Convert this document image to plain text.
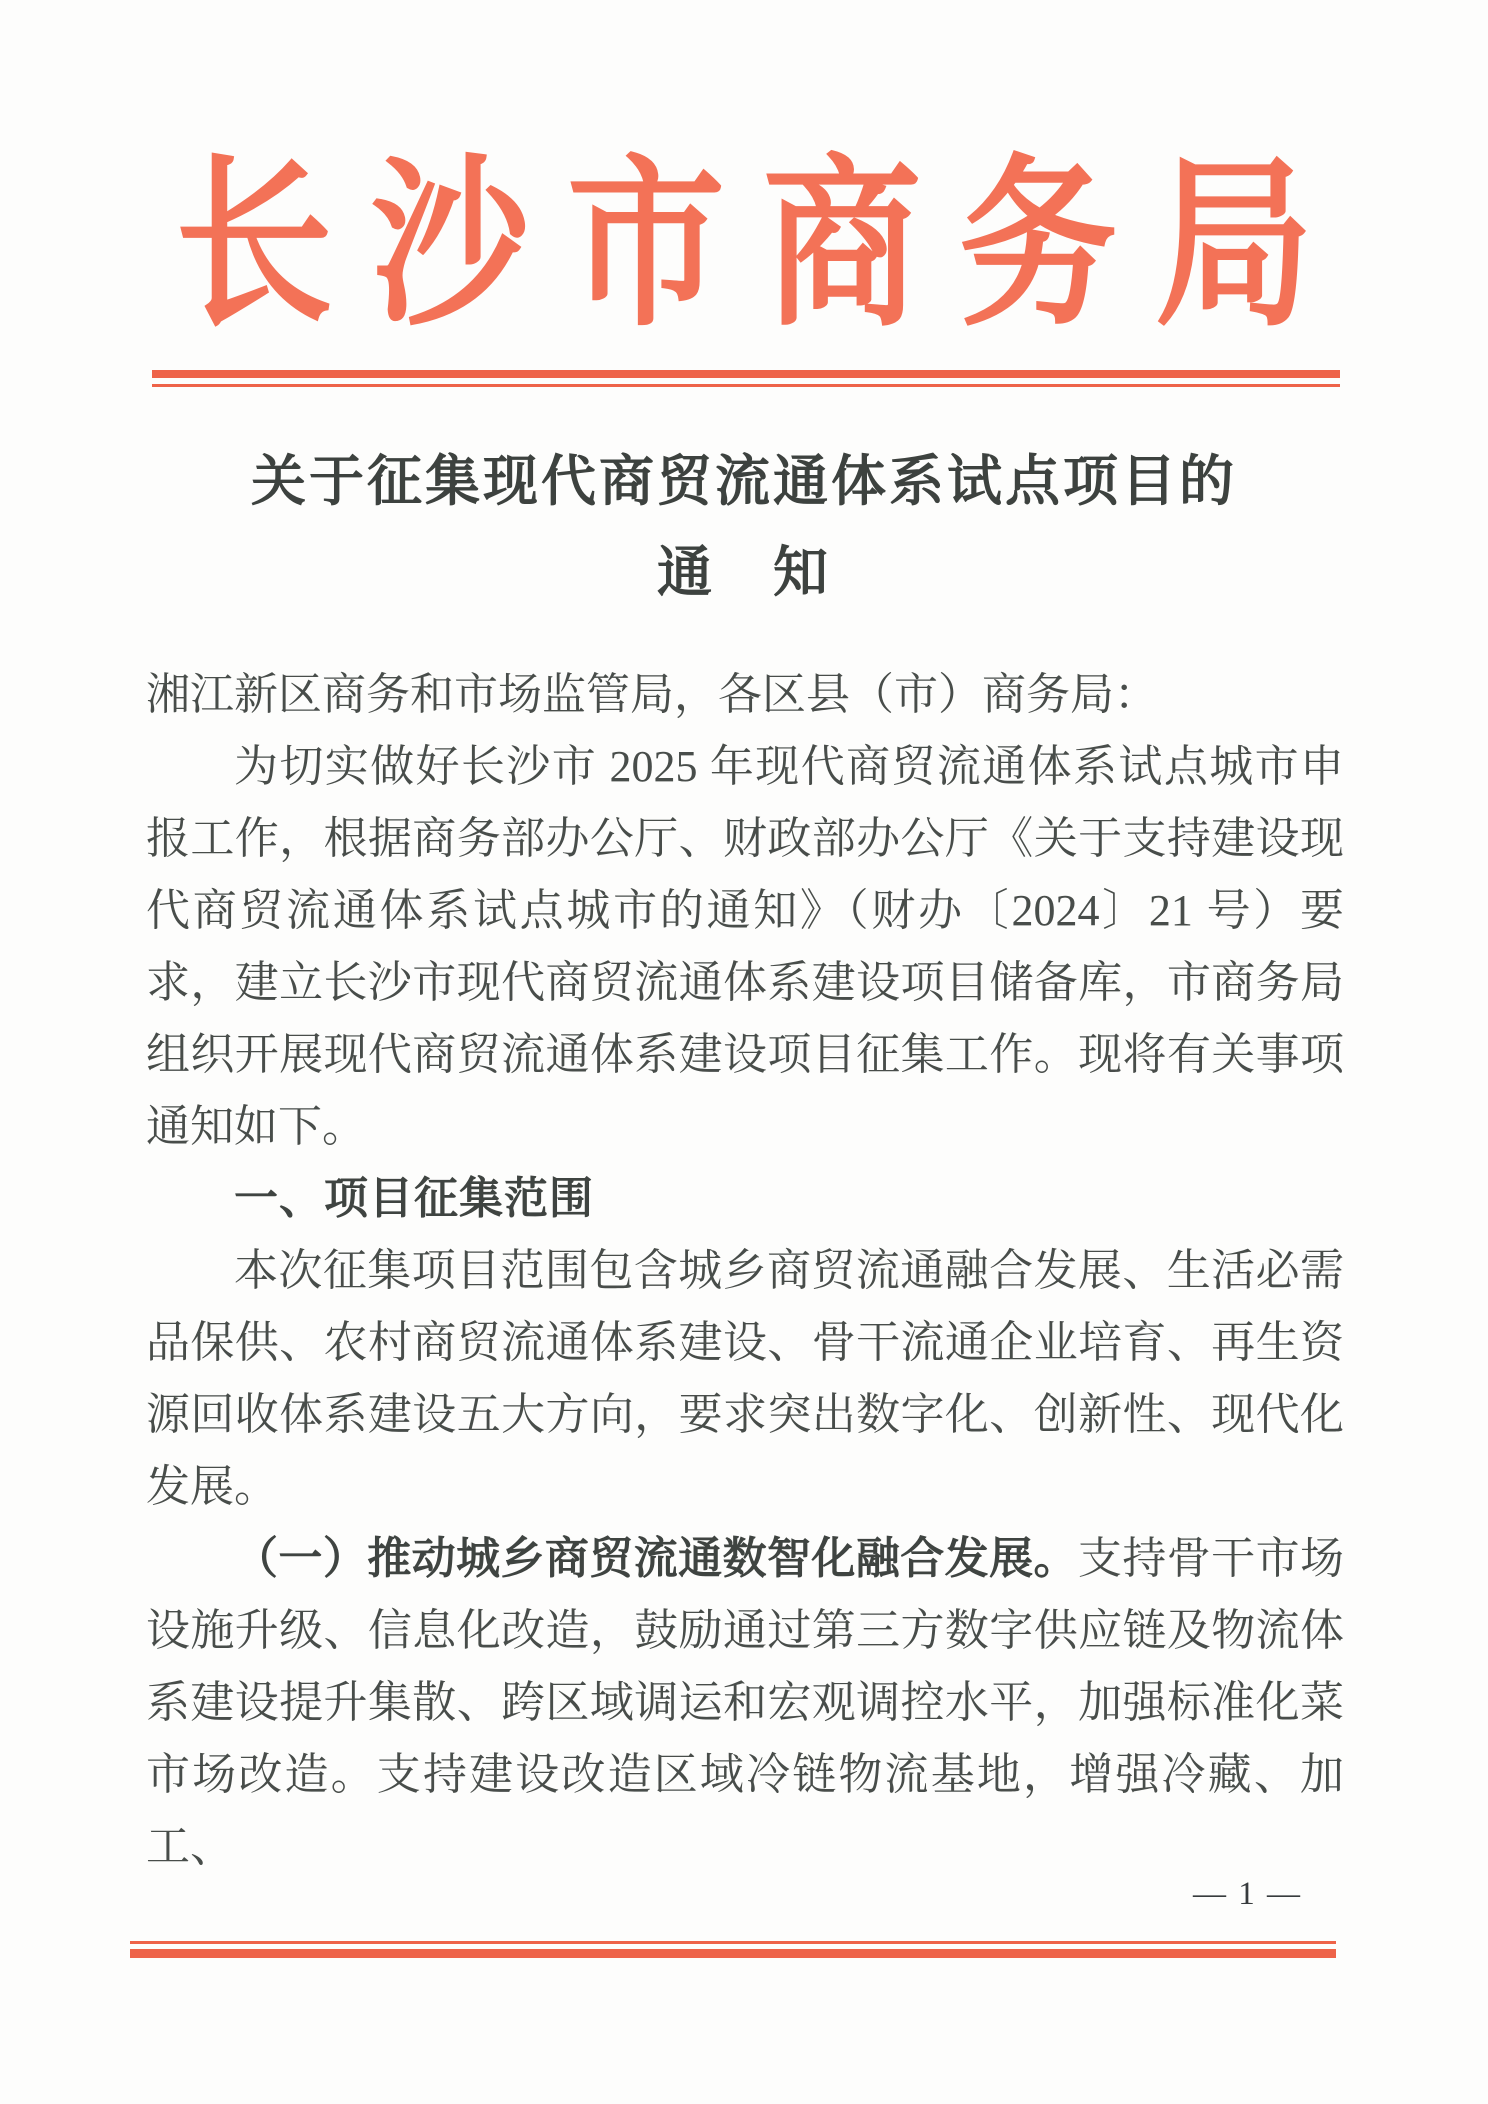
长沙市商务局
关于征集现代商贸流通体系试点项目的
通　知

湘江新区商务和市场监管局，各区县（市）商务局：

为切实做好长沙市 2025 年现代商贸流通体系试点城市申报工作，根据商务部办公厅、财政部办公厅《关于支持建设现代商贸流通体系试点城市的通知》（财办〔2024〕21 号）要求，建立长沙市现代商贸流通体系建设项目储备库，市商务局组织开展现代商贸流通体系建设项目征集工作。现将有关事项通知如下。

一、项目征集范围

本次征集项目范围包含城乡商贸流通融合发展、生活必需品保供、农村商贸流通体系建设、骨干流通企业培育、再生资源回收体系建设五大方向，要求突出数字化、创新性、现代化发展。

（一）推动城乡商贸流通数智化融合发展。支持骨干市场设施升级、信息化改造，鼓励通过第三方数字供应链及物流体系建设提升集散、跨区域调运和宏观调控水平，加强标准化菜市场改造。支持建设改造区域冷链物流基地，增强冷藏、加工、

— 1 —
